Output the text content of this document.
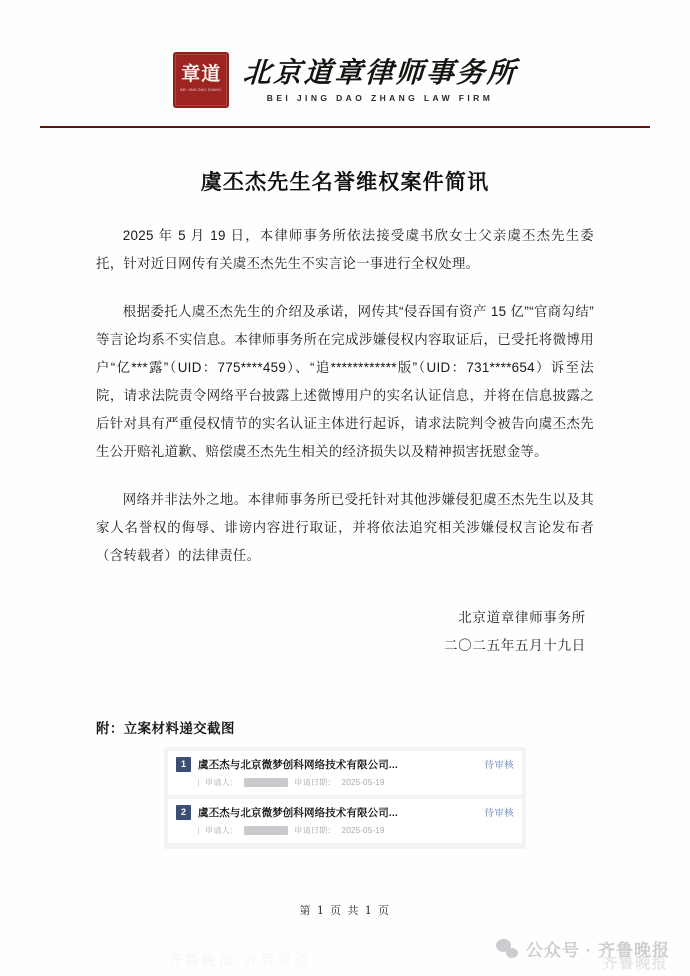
章 道
BEI JING DAO ZHANG
北京道章律师事务所
BEI JING DAO ZHANG LAW FIRM
虞丕杰先生名誉维权案件简讯

2025 年 5 月 19 日，本律师事务所依法接受虞书欣女士父亲虞丕杰先生委托，针对近日网传有关虞丕杰先生不实言论一事进行全权处理。

根据委托人虞丕杰先生的介绍及承诺，网传其“侵吞国有资产 15 亿”“官商勾结”等言论均系不实信息。本律师事务所在完成涉嫌侵权内容取证后，已受托将微博用户“亿***露”（UID：775****459）、“追************版”（UID：731****654）诉至法院，请求法院责令网络平台披露上述微博用户的实名认证信息，并将在信息披露之后针对具有严重侵权情节的实名认证主体进行起诉，请求法院判令被告向虞丕杰先生公开赔礼道歉、赔偿虞丕杰先生相关的经济损失以及精神损害抚慰金等。

网络并非法外之地。本律师事务所已受托针对其他涉嫌侵犯虞丕杰先生以及其家人名誉权的侮辱、诽谤内容进行取证，并将依法追究相关涉嫌侵权言论发布者（含转载者）的法律责任。

北京道章律师事务所
二〇二五年五月十九日
附：立案材料递交截图
1	虞丕杰与北京微梦创科网络技术有限公司...	待审核
申请人：	申请日期： 2025-05-19
2	虞丕杰与北京微梦创科网络技术有限公司...	待审核
申请人：	申请日期： 2025-05-19
第 1 页 共 1 页
齐鲁晚报·齐鲁壹点	齐鲁晚报
公众号 · 齐鲁晚报
